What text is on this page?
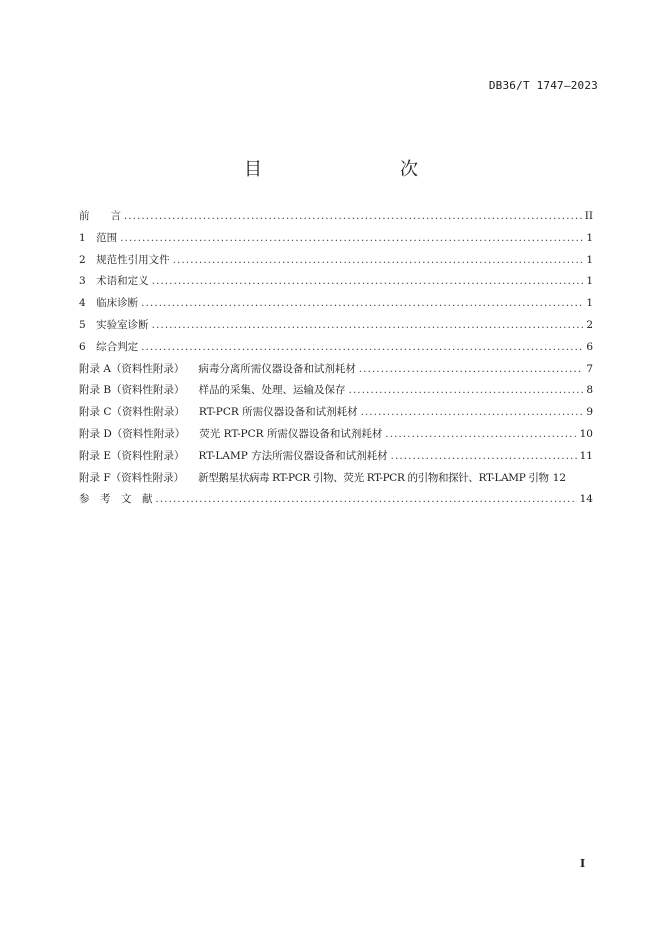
DB36/T 1747—2023
目　　次
前　　言 .....	II
1　范围 .....	1
2　规范性引用文件 .....	1
3　术语和定义 .....	1
4　临床诊断 .....	1
5　实验室诊断 .....	2
6　综合判定 .....	6
附录 A（资料性附录） 病毒分离所需仪器设备和试剂耗材 .....	7
附录 B（资料性附录） 样品的采集、处理、运输及保存 .....	8
附录 C（资料性附录） RT-PCR 所需仪器设备和试剂耗材 .....	9
附录 D（资料性附录） 荧光 RT-PCR 所需仪器设备和试剂耗材 .....	10
附录 E（资料性附录） RT-LAMP 方法所需仪器设备和试剂耗材 .....	11
附录 F（资料性附录） 新型鹅星状病毒 RT-PCR 引物、荧光 RT-PCR 的引物和探针、RT-LAMP 引物 12
参　考　文　献 .....	14
I
